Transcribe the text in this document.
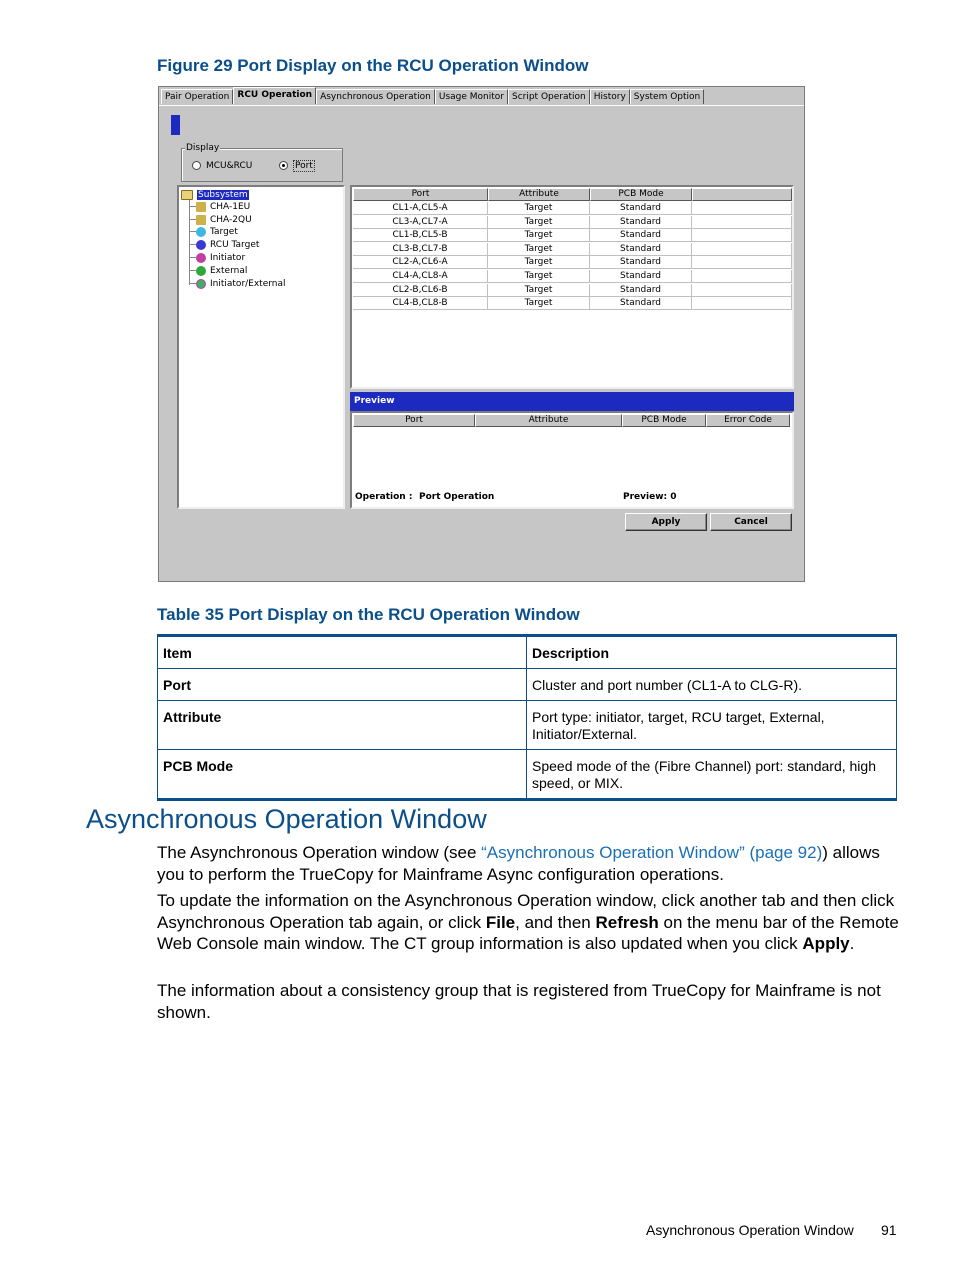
Figure 29 Port Display on the RCU Operation Window
Pair Operation RCU Operation Asynchronous Operation Usage Monitor Script Operation History System Option
Display
MCU&RCU	Port
Subsystem
CHA-1EU
CHA-2QU
Target
RCU Target
Initiator
External
Initiator/External
Port	Attribute	PCB Mode
CL1-A,CL5-A	Target	Standard
CL3-A,CL7-A	Target	Standard
CL1-B,CL5-B	Target	Standard
CL3-B,CL7-B	Target	Standard
CL2-A,CL6-A	Target	Standard
CL4-A,CL8-A	Target	Standard
CL2-B,CL6-B	Target	Standard
CL4-B,CL8-B	Target	Standard
Preview
Port	Attribute	PCB Mode	Error Code
Operation : Port Operation	Preview: 0
Apply	Cancel
Table 35 Port Display on the RCU Operation Window
Item	Description
Port	Cluster and port number (CL1-A to CLG-R).
Attribute	Port type: initiator, target, RCU target, External,
Initiator/External.
PCB Mode	Speed mode of the (Fibre Channel) port: standard, high
speed, or MIX.
Asynchronous Operation Window
The Asynchronous Operation window (see “Asynchronous Operation Window” (page 92)) allows you to perform the TrueCopy for Mainframe Async configuration operations.
To update the information on the Asynchronous Operation window, click another tab and then click Asynchronous Operation tab again, or click File, and then Refresh on the menu bar of the Remote Web Console main window. The CT group information is also updated when you click Apply.
The information about a consistency group that is registered from TrueCopy for Mainframe is not shown.
Asynchronous Operation Window 91
